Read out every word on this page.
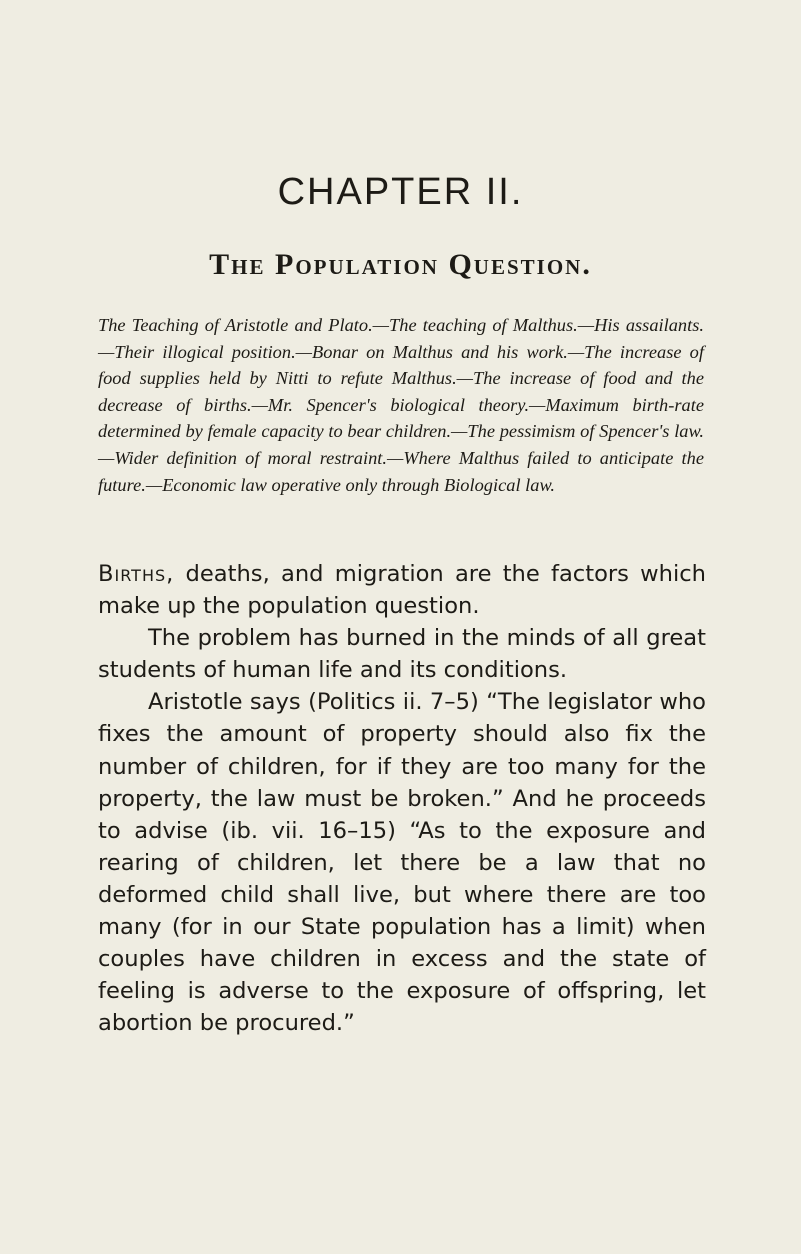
CHAPTER II.
The Population Question.

The Teaching of Aristotle and Plato.—The teaching of Malthus.—His assailants.—Their illogical position.—Bonar on Malthus and his work.—The increase of food supplies held by Nitti to refute Malthus.—The increase of food and the decrease of births.—Mr. Spencer's biological theory.—Maximum birth-rate determined by female capacity to bear children.—The pessimism of Spencer's law.—Wider definition of moral restraint.—Where Malthus failed to anticipate the future.—Economic law operative only through Biological law.

Births, deaths, and migration are the factors which make up the population question.

The problem has burned in the minds of all great students of human life and its conditions.

Aristotle says (Politics ii. 7–5) “The legislator who fixes the amount of property should also fix the number of children, for if they are too many for the property, the law must be broken.” And he proceeds to advise (ib. vii. 16–15) “As to the exposure and rearing of children, let there be a law that no deformed child shall live, but where there are too many (for in our State population has a limit) when couples have children in excess and the state of feeling is adverse to the exposure of offspring, let abortion be procured.”
